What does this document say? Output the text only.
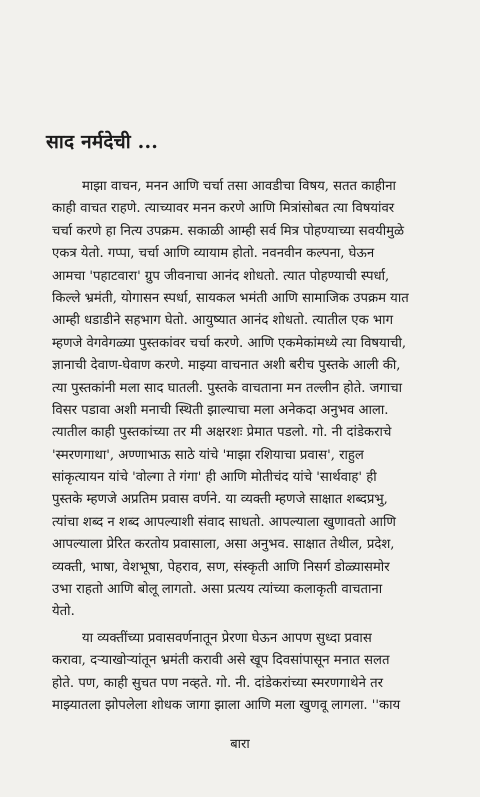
साद नर्मदेची ...
माझा वाचन, मनन आणि चर्चा तसा आवडीचा विषय, सतत काहीना
काही वाचत राहणे. त्याच्यावर मनन करणे आणि मित्रांसोबत त्या विषयांवर
चर्चा करणे हा नित्य उपक्रम. सकाळी आम्ही सर्व मित्र पोहण्याच्या सवयीमुळे
एकत्र येतो. गप्पा, चर्चा आणि व्यायाम होतो. नवनवीन कल्पना, घेऊन
आमचा 'पहाटवारा' ग्रुप जीवनाचा आनंद शोधतो. त्यात पोहण्याची स्पर्धा,
किल्ले भ्रमंती, योगासन स्पर्धा, सायकल भमंती आणि सामाजिक उपक्रम यात
आम्ही धडाडीने सहभाग घेतो. आयुष्यात आनंद शोधतो. त्यातील एक भाग
म्हणजे वेगवेगळ्या पुस्तकांवर चर्चा करणे. आणि एकमेकांमध्ये त्या विषयाची,
ज्ञानाची देवाण-घेवाण करणे. माझ्या वाचनात अशी बरीच पुस्तके आली की,
त्या पुस्तकांनी मला साद घातली. पुस्तके वाचताना मन तल्लीन होते. जगाचा
विसर पडावा अशी मनाची स्थिती झाल्याचा मला अनेकदा अनुभव आला.
त्यातील काही पुस्तकांच्या तर मी अक्षरशः प्रेमात पडलो. गो. नी दांडेकराचे
'स्मरणगाथा', अण्णाभाऊ साठे यांचे 'माझा रशियाचा प्रवास', राहुल
सांकृत्यायन यांचे 'वोल्गा ते गंगा' ही आणि मोतीचंद यांचे 'सार्थवाह' ही
पुस्तके म्हणजे अप्रतिम प्रवास वर्णने. या व्यक्ती म्हणजे साक्षात शब्दप्रभु,
त्यांचा शब्द न शब्द आपल्याशी संवाद साधतो. आपल्याला खुणावतो आणि
आपल्याला प्रेरित करतोय प्रवासाला, असा अनुभव. साक्षात तेथील, प्रदेश,
व्यक्ती, भाषा, वेशभूषा, पेहराव, सण, संस्कृती आणि निसर्ग डोळ्यासमोर
उभा राहतो आणि बोलू लागतो. असा प्रत्यय त्यांच्या कलाकृती वाचताना
येतो.
या व्यक्तींच्या प्रवासवर्णनातून प्रेरणा घेऊन आपण सुध्दा प्रवास
करावा, दऱ्याखोऱ्यांतून भ्रमंती करावी असे खूप दिवसांपासून मनात सलत
होते. पण, काही सुचत पण नव्हते. गो. नी. दांडेकरांच्या स्मरणगाथेने तर
माझ्यातला झोपलेला शोधक जागा झाला आणि मला खुणवू लागला. ''काय
बारा
